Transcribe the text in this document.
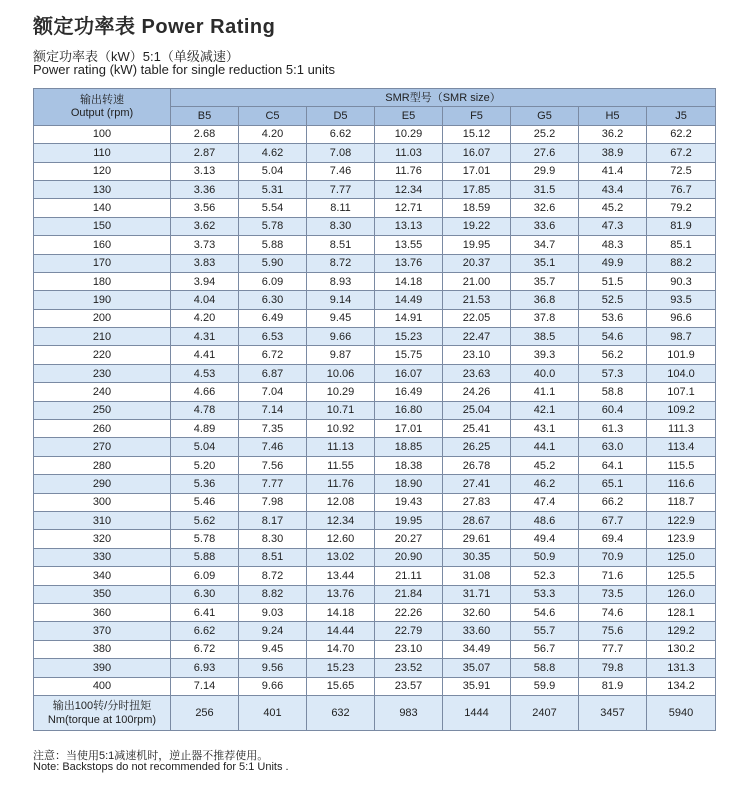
额定功率表 Power Rating
额定功率表（kW）5:1（单级减速）
Power rating (kW) table for single reduction 5:1 units
输出转速
Output (rpm)	SMR型号（SMR size）							
	B5	C5	D5	E5	F5	G5	H5	J5
100	2.68	4.20	6.62	10.29	15.12	25.2	36.2	62.2
110	2.87	4.62	7.08	11.03	16.07	27.6	38.9	67.2
120	3.13	5.04	7.46	11.76	17.01	29.9	41.4	72.5
130	3.36	5.31	7.77	12.34	17.85	31.5	43.4	76.7
140	3.56	5.54	8.11	12.71	18.59	32.6	45.2	79.2
150	3.62	5.78	8.30	13.13	19.22	33.6	47.3	81.9
160	3.73	5.88	8.51	13.55	19.95	34.7	48.3	85.1
170	3.83	5.90	8.72	13.76	20.37	35.1	49.9	88.2
180	3.94	6.09	8.93	14.18	21.00	35.7	51.5	90.3
190	4.04	6.30	9.14	14.49	21.53	36.8	52.5	93.5
200	4.20	6.49	9.45	14.91	22.05	37.8	53.6	96.6
210	4.31	6.53	9.66	15.23	22.47	38.5	54.6	98.7
220	4.41	6.72	9.87	15.75	23.10	39.3	56.2	101.9
230	4.53	6.87	10.06	16.07	23.63	40.0	57.3	104.0
240	4.66	7.04	10.29	16.49	24.26	41.1	58.8	107.1
250	4.78	7.14	10.71	16.80	25.04	42.1	60.4	109.2
260	4.89	7.35	10.92	17.01	25.41	43.1	61.3	111.3
270	5.04	7.46	11.13	18.85	26.25	44.1	63.0	113.4
280	5.20	7.56	11.55	18.38	26.78	45.2	64.1	115.5
290	5.36	7.77	11.76	18.90	27.41	46.2	65.1	116.6
300	5.46	7.98	12.08	19.43	27.83	47.4	66.2	118.7
310	5.62	8.17	12.34	19.95	28.67	48.6	67.7	122.9
320	5.78	8.30	12.60	20.27	29.61	49.4	69.4	123.9
330	5.88	8.51	13.02	20.90	30.35	50.9	70.9	125.0
340	6.09	8.72	13.44	21.11	31.08	52.3	71.6	125.5
350	6.30	8.82	13.76	21.84	31.71	53.3	73.5	126.0
360	6.41	9.03	14.18	22.26	32.60	54.6	74.6	128.1
370	6.62	9.24	14.44	22.79	33.60	55.7	75.6	129.2
380	6.72	9.45	14.70	23.10	34.49	56.7	77.7	130.2
390	6.93	9.56	15.23	23.52	35.07	58.8	79.8	131.3
400	7.14	9.66	15.65	23.57	35.91	59.9	81.9	134.2

输出100转/分时扭矩
Nm(torque at 100rpm)	256	401	632	983	1444	2407	3457	5940
注意：当使用5:1减速机时，逆止器不推荐使用。
Note: Backstops do not recommended for 5:1 Units .
